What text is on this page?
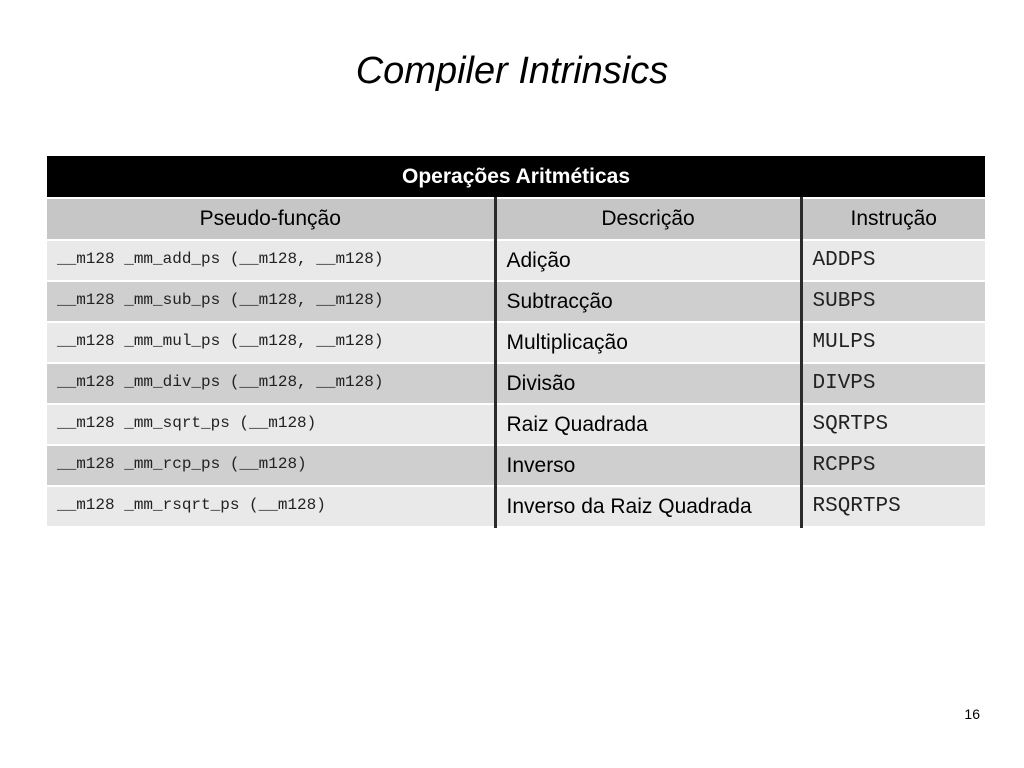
Compiler Intrinsics
Operações Aritméticas		
Pseudo-função	Descrição	Instrução
__m128 _mm_add_ps (__m128, __m128)	Adição	ADDPS
__m128 _mm_sub_ps (__m128, __m128)	Subtracção	SUBPS
__m128 _mm_mul_ps (__m128, __m128)	Multiplicação	MULPS
__m128 _mm_div_ps (__m128, __m128)	Divisão	DIVPS
__m128 _mm_sqrt_ps (__m128)	Raiz Quadrada	SQRTPS
__m128 _mm_rcp_ps (__m128)	Inverso	RCPPS
__m128 _mm_rsqrt_ps (__m128)	Inverso da Raiz Quadrada	RSQRTPS
16
